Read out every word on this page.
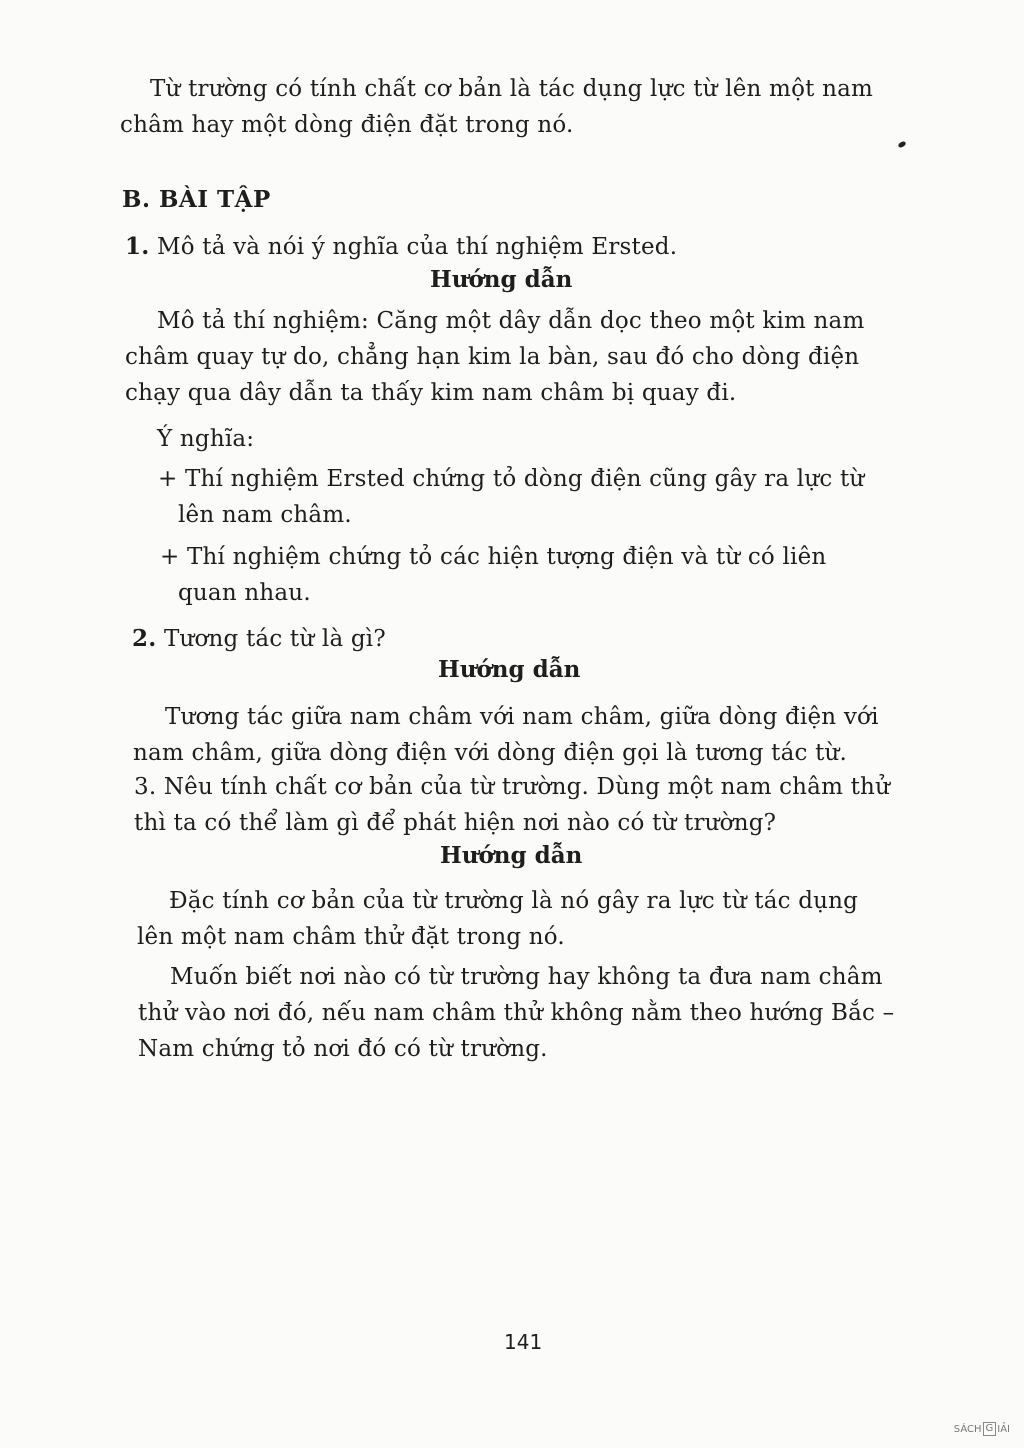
Từ trường có tính chất cơ bản là tác dụng lực từ lên một nam
châm hay một dòng điện đặt trong nó.
B. BÀI TẬP
1. Mô tả và nói ý nghĩa của thí nghiệm Ersted.
Hướng dẫn
Mô tả thí nghiệm: Căng một dây dẫn dọc theo một kim nam
châm quay tự do, chẳng hạn kim la bàn, sau đó cho dòng điện
chạy qua dây dẫn ta thấy kim nam châm bị quay đi.
Ý nghĩa:
+ Thí nghiệm Ersted chứng tỏ dòng điện cũng gây ra lực từ
lên nam châm.
+ Thí nghiệm chứng tỏ các hiện tượng điện và từ có liên
quan nhau.
2. Tương tác từ là gì?
Hướng dẫn
Tương tác giữa nam châm với nam châm, giữa dòng điện với
nam châm, giữa dòng điện với dòng điện gọi là tương tác từ.
3. Nêu tính chất cơ bản của từ trường. Dùng một nam châm thử
thì ta có thể làm gì để phát hiện nơi nào có từ trường?
Hướng dẫn
Đặc tính cơ bản của từ trường là nó gây ra lực từ tác dụng
lên một nam châm thử đặt trong nó.
Muốn biết nơi nào có từ trường hay không ta đưa nam châm
thử vào nơi đó, nếu nam châm thử không nằm theo hướng Bắc –
Nam chứng tỏ nơi đó có từ trường.
141
SÁCH G IẢI
